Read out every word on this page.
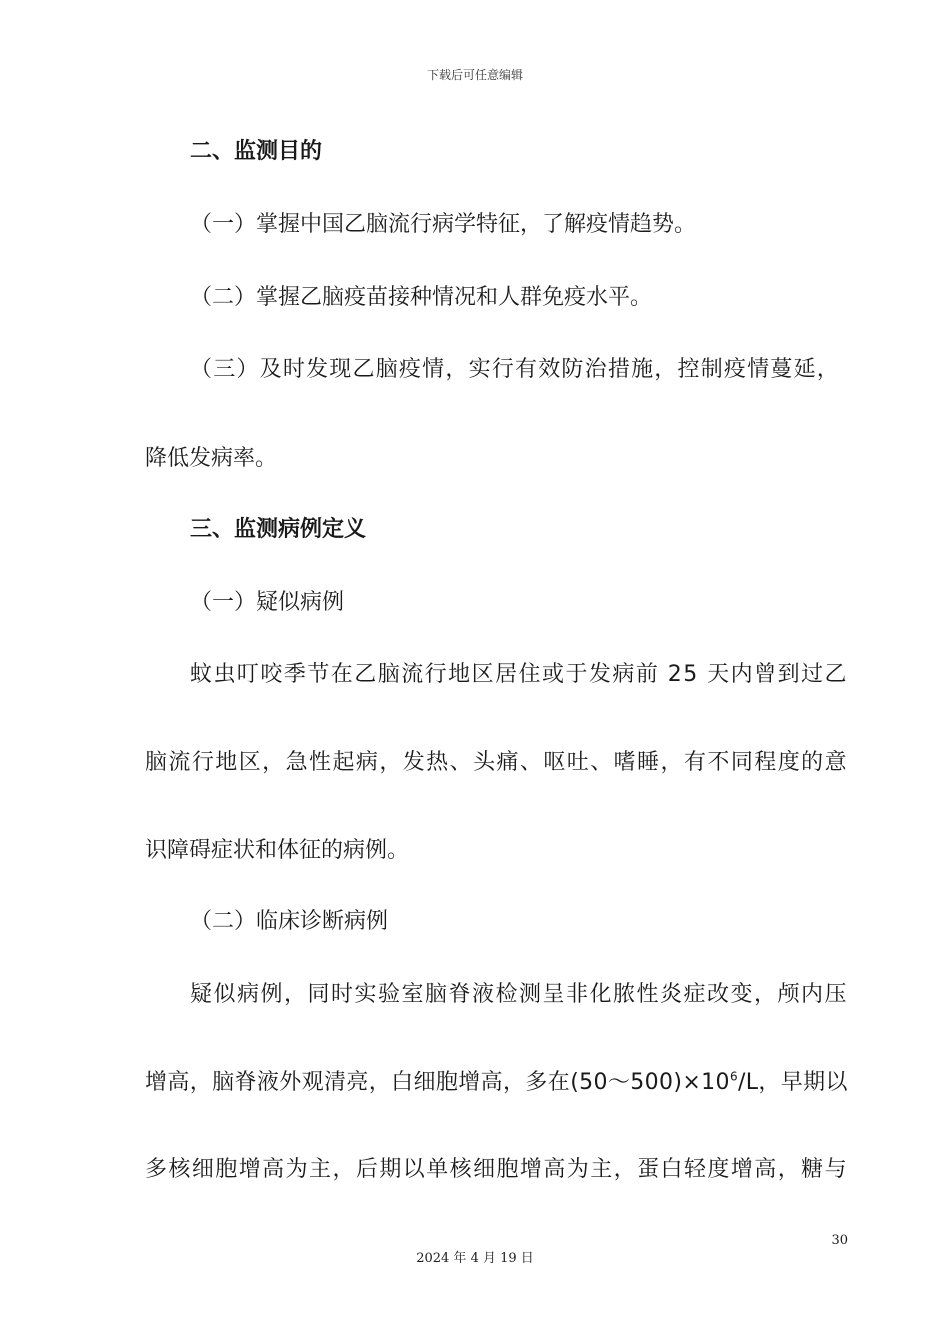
下载后可任意编辑
二、监测目的
（一）掌握中国乙脑流行病学特征，了解疫情趋势。
（二）掌握乙脑疫苗接种情况和人群免疫水平。
（三）及时发现乙脑疫情，实行有效防治措施，控制疫情蔓延，
降低发病率。
三、监测病例定义
（一）疑似病例
蚊虫叮咬季节在乙脑流行地区居住或于发病前 25 天内曾到过乙
脑流行地区，急性起病，发热、头痛、呕吐、嗜睡，有不同程度的意
识障碍症状和体征的病例。
（二）临床诊断病例
疑似病例，同时实验室脑脊液检测呈非化脓性炎症改变，颅内压
增高，脑脊液外观清亮，白细胞增高，多在$(50\sim 500)\times 10^6/L$，早期以
多核细胞增高为主，后期以单核细胞增高为主，蛋白轻度增高，糖与
30
2024 年 4 月 19 日
